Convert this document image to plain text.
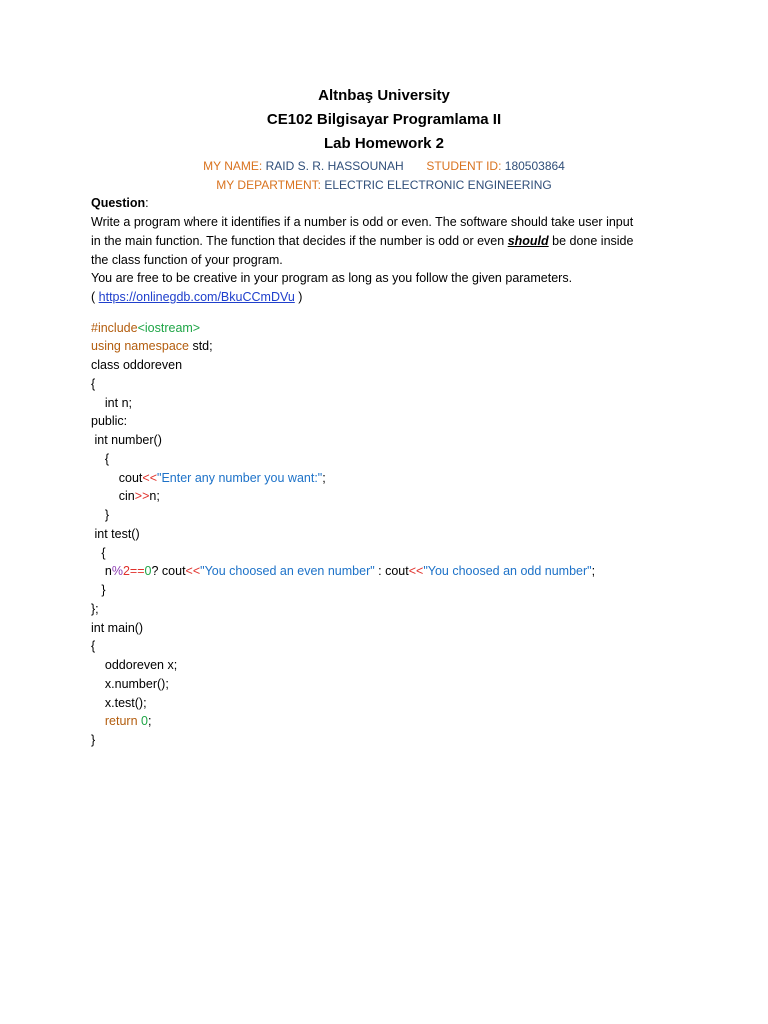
Altnbaş University
CE102 Bilgisayar Programlama II
Lab Homework 2
MY NAME: RAID S. R. HASSOUNAH STUDENT ID: 180503864
MY DEPARTMENT: ELECTRIC ELECTRONIC ENGINEERING
Question:
Write a program where it identifies if a number is odd or even. The software should take user input
in the main function. The function that decides if the number is odd or even should be done inside
the class function of your program.
You are free to be creative in your program as long as you follow the given parameters.
( https://onlinegdb.com/BkuCCmDVu )
#include<iostream>
using namespace std;
class oddoreven
{
int n;
public:
int number()
{
cout<<"Enter any number you want:";
cin>>n;
}
int test()
{
n%2==0? cout<<"You choosed an even number" : cout<<"You choosed an odd number";
}
};
int main()
{
oddoreven x;
x.number();
x.test();
return 0;
}
